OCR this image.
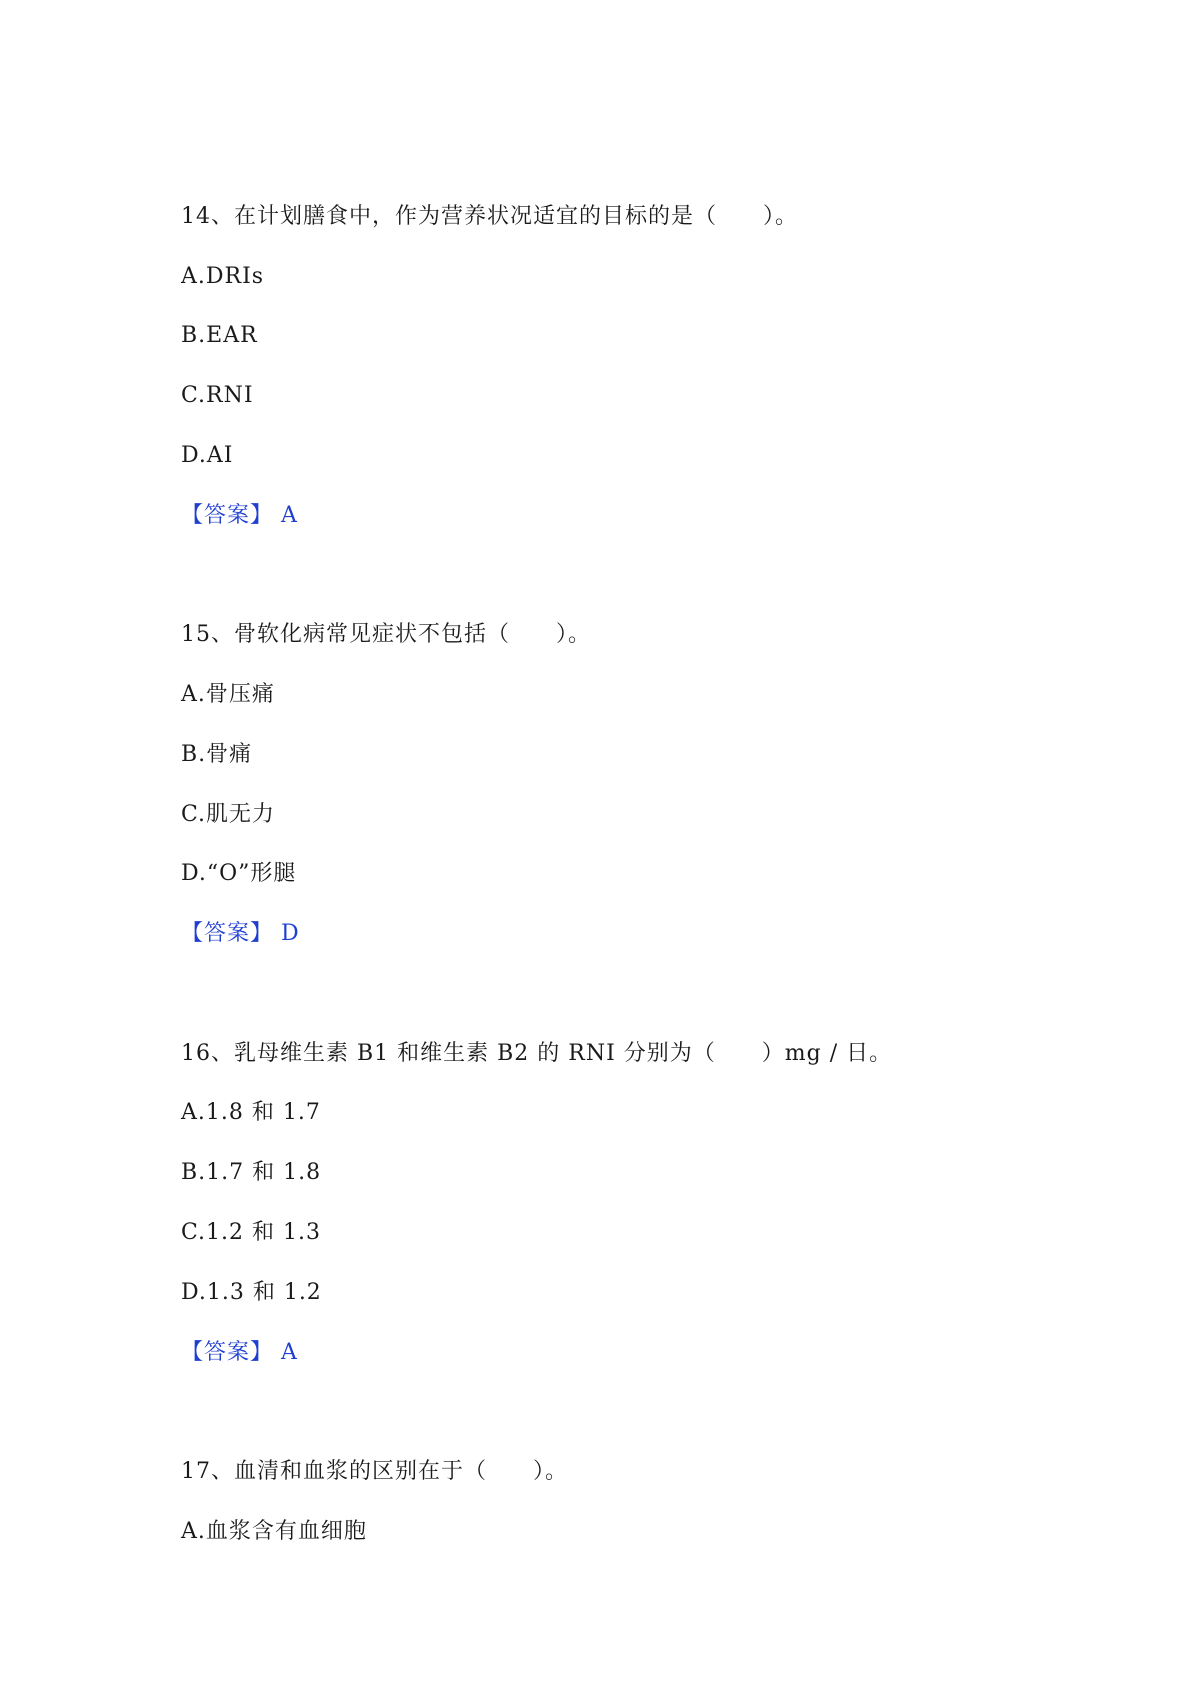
14、在计划膳食中，作为营养状况适宜的目标的是（　　）。
A.DRIs
B.EAR
C.RNI
D.AI
【答案】 A
15、骨软化病常见症状不包括（　　）。
A.骨压痛
B.骨痛
C.肌无力
D.“O”形腿
【答案】 D
16、乳母维生素 B1 和维生素 B2 的 RNI 分别为（　　）mg / 日。
A.1.8 和 1.7
B.1.7 和 1.8
C.1.2 和 1.3
D.1.3 和 1.2
【答案】 A
17、血清和血浆的区别在于（　　）。
A.血浆含有血细胞
